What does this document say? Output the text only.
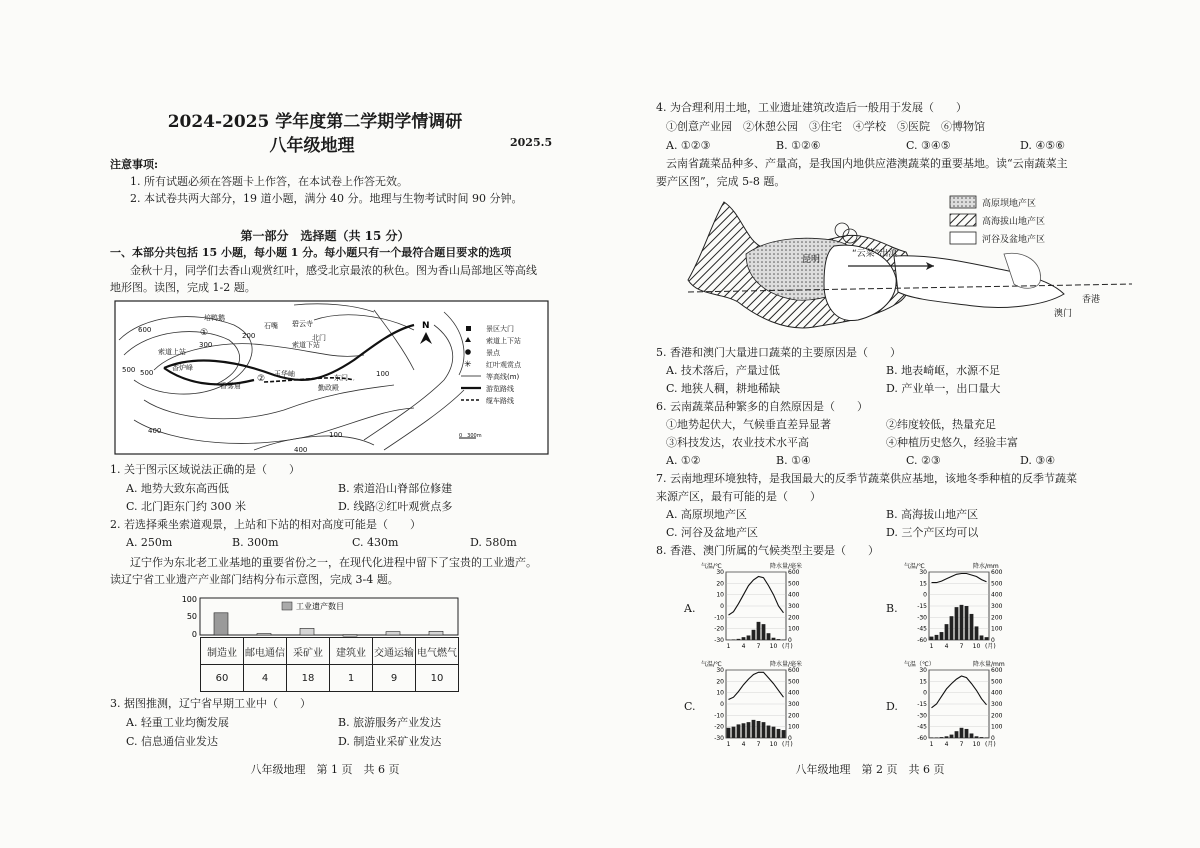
2024-2025 学年度第二学期学情调研
八年级地理	2025.5
注意事项:
1. 所有试题必须在答题卡上作答，在本试卷上作答无效。
2. 本试卷共两大部分，19 道小题，满分 40 分。地理与生物考试时间 90 分钟。
第一部分　选择题（共 15 分）
一、本部分共包括 15 小题，每小题 1 分。每小题只有一个最符合题目要求的选项
金秋十月，同学们去香山观赏红叶，感受北京最浓的秋色。图为香山局部地区等高线
地形图。读图，完成 1-2 题。
600
500
300
200
500
400
400
100
100
培鸭鹅
石嘴 碧云寺
北门
索道下站
索道上站
香炉峰
香雾窟
玉华岫	东门
勤政殿
①
②
N	景区大门
索道上下站
景点
✳ 红叶观赏点
等高线(m)
游览路线
缆车路线
0　300m
1. 关于图示区域说法正确的是（　　）
A. 地势大致东高西低	B. 索道沿山脊部位修建
C. 北门距东门约 300 米	D. 线路②红叶观赏点多
2. 若选择乘坐索道观景，上站和下站的相对高度可能是（　　）
A. 250m	B. 300m	C. 430m	D. 580m
辽宁作为东北老工业基地的重要省份之一，在现代化进程中留下了宝贵的工业遗产。
读辽宁省工业遗产产业部门结构分布示意图，完成 3-4 题。
100
50
0
工业遗产数目
制造业	邮电通信	采矿业	建筑业	交通运输	电气燃气
60	4	18	1	9	10
3. 据图推测，辽宁省早期工业中（　　）
A. 轻重工业均衡发展	B. 旅游服务产业发达
C. 信息通信业发达	D. 制造业采矿业发达
八年级地理　第 1 页　共 6 页
4. 为合理利用土地，工业遗址建筑改造后一般用于发展（　　）
①创意产业园　②休憩公园　③住宅　④学校　⑤医院　⑥博物馆
A. ①②③	B. ①②⑥	C. ③④⑤	D. ④⑤⑥
云南省蔬菜品种多、产量高，是我国内地供应港澳蔬菜的重要基地。读“云南蔬菜主
要产区图”，完成 5-8 题。
昆明
“云菜”出滇
香港
澳门
高原坝地产区
高海拔山地产区
河谷及盆地产区
5. 香港和澳门大量进口蔬菜的主要原因是（　　）
A. 技术落后，产量过低	B. 地表崎岖，水源不足
C. 地狭人稠，耕地稀缺	D. 产业单一，出口量大
6. 云南蔬菜品种繁多的自然原因是（　　）
①地势起伏大，气候垂直差异显著	②纬度较低，热量充足
③科技发达，农业技术水平高	④种植历史悠久，经验丰富
A. ①②	B. ①④	C. ②③	D. ③④
7. 云南地理环境独特，是我国最大的反季节蔬菜供应基地，该地冬季种植的反季节蔬菜
来源产区，最有可能的是（　　）
A. 高原坝地产区	B. 高海拔山地产区
C. 河谷及盆地产区	D. 三个产区均可以
8. 香港、澳门所属的气候类型主要是（　　）
A.	B.
C.	D.
气温/℃	降水量/毫米
30
20
10
0
-10
-20
-30
600
500
400
300
200
100
0
1 4 7 10 (月)
气温/℃	降水/mm
30
15
0
-15
-30
-45
-60
600
500
400
300
200
100
0
1 4 7 10 (月)
气温/℃	降水量/毫米
30
20
10
0
-10
-20
-30
600
500
400
300
200
100
0
1 4 7 10 (月)
气温（℃）	降水量/mm
30
15
0
-15
-30
-45
-60
600
500
400
300
200
100
0
1 4 7 10 (月)
八年级地理　第 2 页　共 6 页
